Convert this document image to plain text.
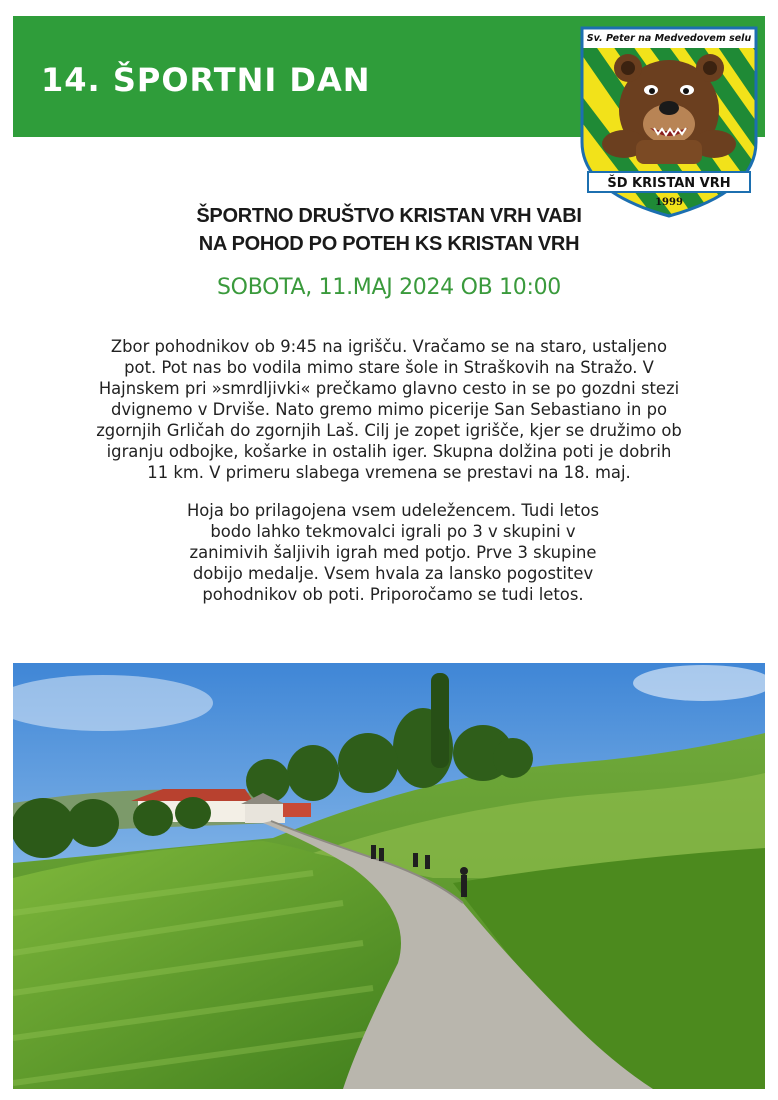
14. ŠPORTNI DAN
Sv. Peter na Medvedovem selu
ŠD KRISTAN VRH
1999
ŠPORTNO DRUŠTVO KRISTAN VRH VABI
NA POHOD PO POTEH KS KRISTAN VRH
SOBOTA, 11.MAJ 2024 OB 10:00
Zbor pohodnikov ob 9:45 na igrišču. Vračamo se na staro, ustaljeno
pot. Pot nas bo vodila mimo stare šole in Straškovih na Stražo. V
Hajnskem pri »smrdljivki« prečkamo glavno cesto in se po gozdni stezi
dvignemo v Drviše. Nato gremo mimo picerije San Sebastiano in po
zgornjih Grličah do zgornjih Laš. Cilj je zopet igrišče, kjer se družimo ob
igranju odbojke, košarke in ostalih iger. Skupna dolžina poti je dobrih
11 km. V primeru slabega vremena se prestavi na 18. maj.
Hoja bo prilagojena vsem udeležencem. Tudi letos
bodo lahko tekmovalci igrali po 3 v skupini v
zanimivih šaljivih igrah med potjo. Prve 3 skupine
dobijo medalje. Vsem hvala za lansko pogostitev
pohodnikov ob poti. Priporočamo se tudi letos.
